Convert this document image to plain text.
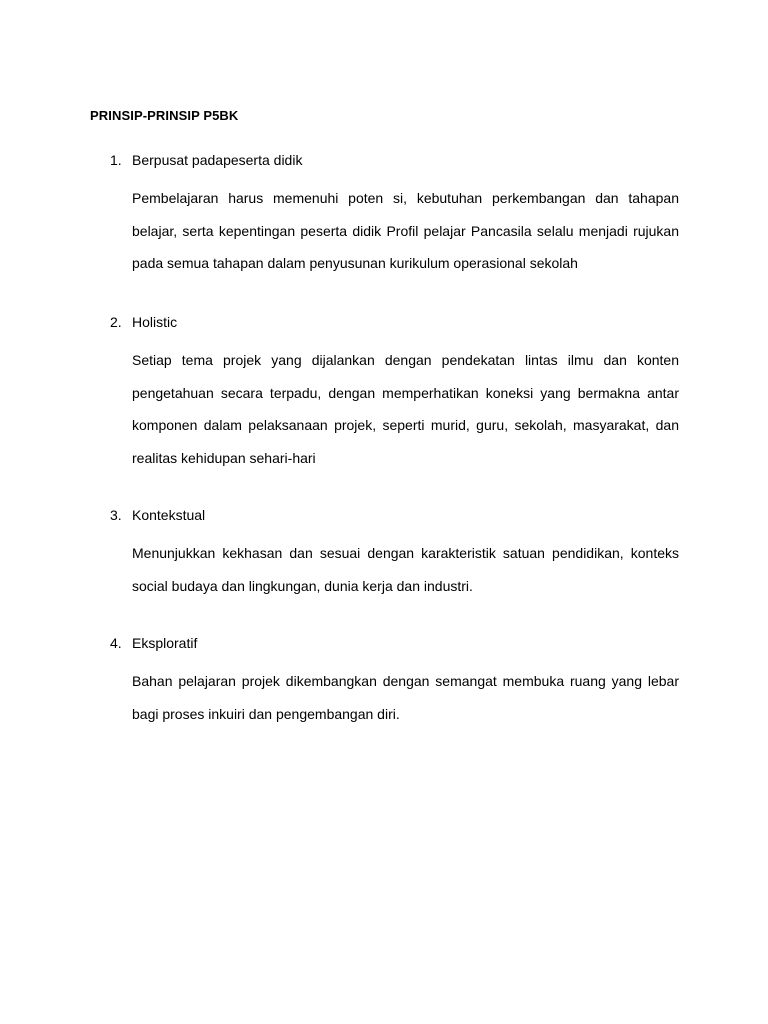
PRINSIP-PRINSIP P5BK
1. Berpusat padapeserta didik
Pembelajaran harus memenuhi poten si, kebutuhan perkembangan dan tahapan belajar, serta kepentingan peserta didik Profil pelajar Pancasila selalu menjadi rujukan pada semua tahapan dalam penyusunan kurikulum operasional sekolah
2. Holistic
Setiap tema projek yang dijalankan dengan pendekatan lintas ilmu dan konten pengetahuan secara terpadu, dengan memperhatikan koneksi yang bermakna antar komponen dalam pelaksanaan projek, seperti murid, guru, sekolah, masyarakat, dan realitas kehidupan sehari-hari
3. Kontekstual
Menunjukkan kekhasan dan sesuai dengan karakteristik satuan pendidikan, konteks social budaya dan lingkungan, dunia kerja dan industri.
4. Eksploratif
Bahan pelajaran projek dikembangkan dengan semangat membuka ruang yang lebar bagi proses inkuiri dan pengembangan diri.
